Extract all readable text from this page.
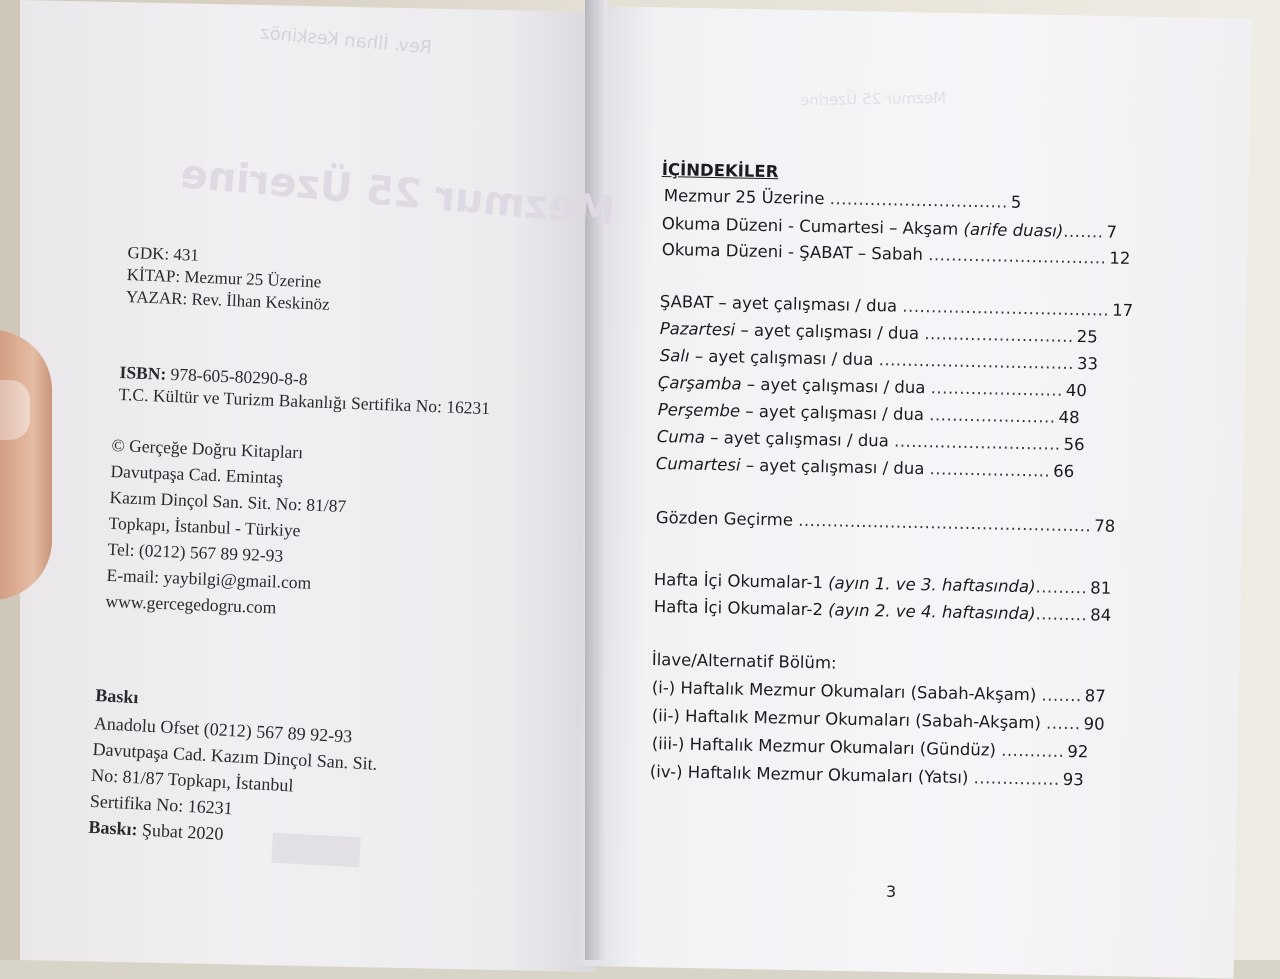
Rev. İlhan Keskinöz
Mezmur 25 Üzerine
Mezmur 25 Üzerine
GDK: 431
KİTAP: Mezmur 25 Üzerine
YAZAR: Rev. İlhan Keskinöz
ISBN: 978-605-80290-8-8
T.C. Kültür ve Turizm Bakanlığı Sertifika No: 16231
© Gerçeğe Doğru Kitapları
Davutpaşa Cad. Emintaş
Kazım Dinçol San. Sit. No: 81/87
Topkapı, İstanbul - Türkiye
Tel: (0212) 567 89 92-93
E-mail: yaybilgi@gmail.com
www.gercegedogru.com
Baskı
Anadolu Ofset (0212) 567 89 92-93
Davutpaşa Cad. Kazım Dinçol San. Sit.
No: 81/87 Topkapı, İstanbul
Sertifika No: 16231
Baskı: Şubat 2020
İÇİNDEKİLER
Mezmur 25 Üzerine ............................... 5
Okuma Düzeni - Cumartesi – Akşam (arife duası)....... 7
Okuma Düzeni - ŞABAT – Sabah ............................... 12
ŞABAT – ayet çalışması / dua .................................... 17
Pazartesi – ayet çalışması / dua .......................... 25
Salı – ayet çalışması / dua .................................. 33
Çarşamba – ayet çalışması / dua ....................... 40
Perşembe – ayet çalışması / dua ...................... 48
Cuma – ayet çalışması / dua ............................. 56
Cumartesi – ayet çalışması / dua ..................... 66
Gözden Geçirme ................................................... 78
Hafta İçi Okumalar-1 (ayın 1. ve 3. haftasında)......... 81
Hafta İçi Okumalar-2 (ayın 2. ve 4. haftasında)......... 84
İlave/Alternatif Bölüm:
(i-) Haftalık Mezmur Okumaları (Sabah-Akşam) ....... 87
(ii-) Haftalık Mezmur Okumaları (Sabah-Akşam) ...... 90
(iii-) Haftalık Mezmur Okumaları (Gündüz) ........... 92
(iv-) Haftalık Mezmur Okumaları (Yatsı) ............... 93
3
